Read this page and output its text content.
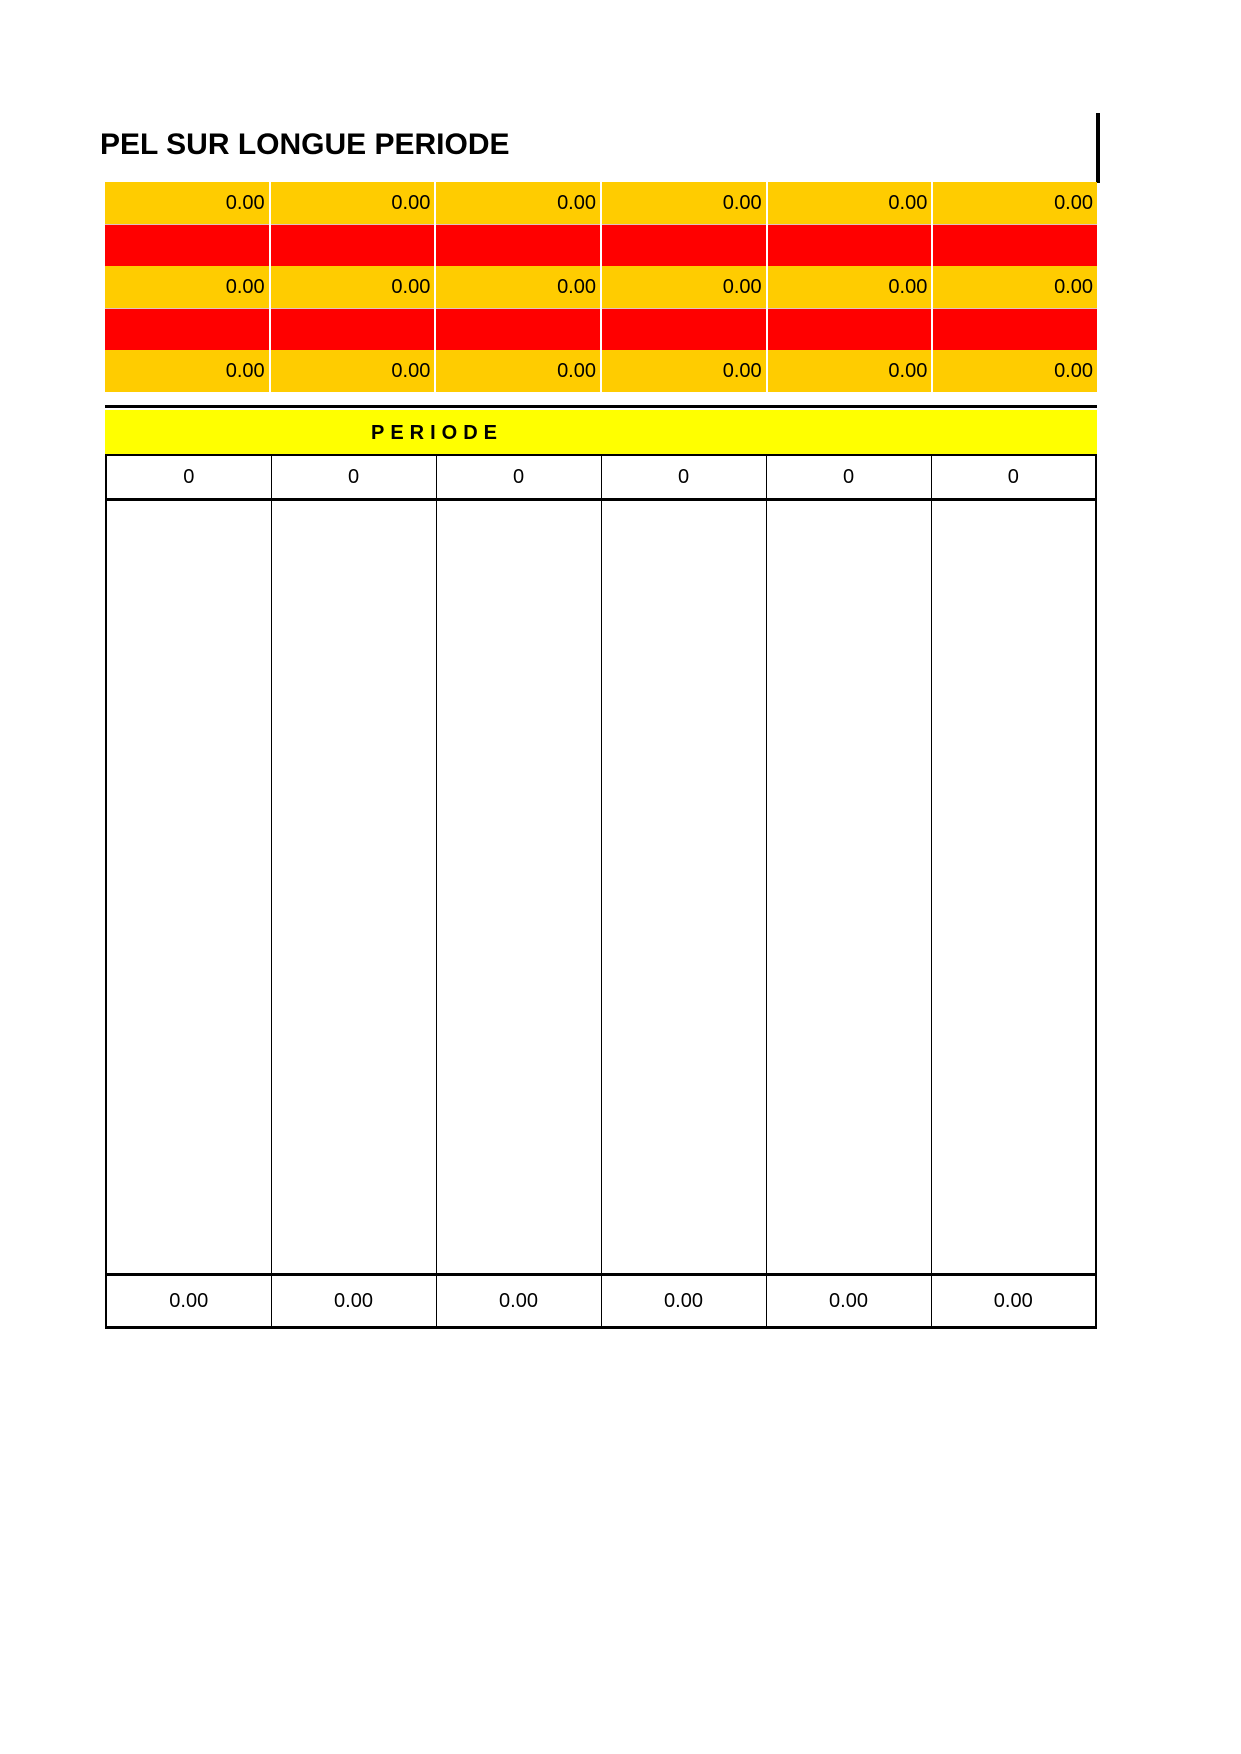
PEL SUR LONGUE PERIODE
0.00	0.00	0.00	0.00	0.00	0.00
0.00	0.00	0.00	0.00	0.00	0.00
0.00	0.00	0.00	0.00	0.00	0.00
PERIODE
0	0	0	0	0	0

0.00	0.00	0.00	0.00	0.00	0.00
